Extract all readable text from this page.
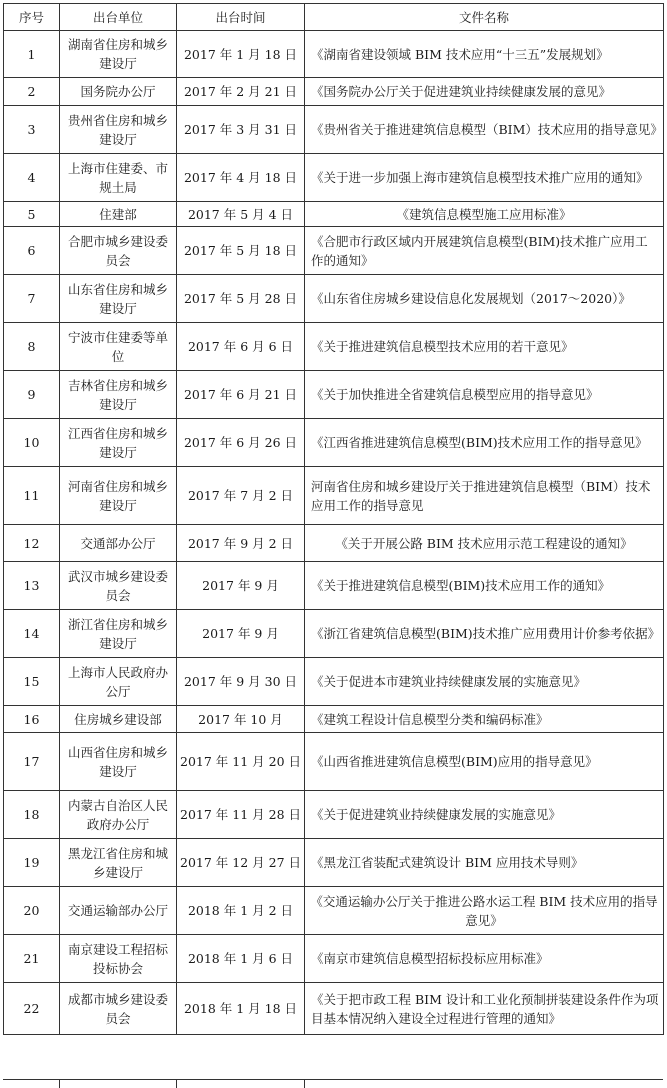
序号	出台单位	出台时间	文件名称
1	湖南省住房和城乡建设厅	2017 年 1 月 18 日	《湖南省建设领域 BIM 技术应用“十三五”发展规划》
2	国务院办公厅	2017 年 2 月 21 日	《国务院办公厅关于促进建筑业持续健康发展的意见》
3	贵州省住房和城乡建设厅	2017 年 3 月 31 日	《贵州省关于推进建筑信息模型（BIM）技术应用的指导意见》
4	上海市住建委、市规土局	2017 年 4 月 18 日	《关于进一步加强上海市建筑信息模型技术推广应用的通知》
5	住建部	2017 年 5 月 4 日	《建筑信息模型施工应用标准》
6	合肥市城乡建设委员会	2017 年 5 月 18 日	《合肥市行政区域内开展建筑信息模型(BIM)技术推广应用工作的通知》
7	山东省住房和城乡建设厅	2017 年 5 月 28 日	《山东省住房城乡建设信息化发展规划（2017～2020）》
8	宁波市住建委等单位	2017 年 6 月 6 日	《关于推进建筑信息模型技术应用的若干意见》
9	吉林省住房和城乡建设厅	2017 年 6 月 21 日	《关于加快推进全省建筑信息模型应用的指导意见》
10	江西省住房和城乡建设厅	2017 年 6 月 26 日	《江西省推进建筑信息模型(BIM)技术应用工作的指导意见》
11	河南省住房和城乡建设厅	2017 年 7 月 2 日	河南省住房和城乡建设厅关于推进建筑信息模型（BIM）技术应用工作的指导意见
12	交通部办公厅	2017 年 9 月 2 日	《关于开展公路 BIM 技术应用示范工程建设的通知》
13	武汉市城乡建设委员会	2017 年 9 月	《关于推进建筑信息模型(BIM)技术应用工作的通知》
14	浙江省住房和城乡建设厅	2017 年 9 月	《浙江省建筑信息模型(BIM)技术推广应用费用计价参考依据》
15	上海市人民政府办公厅	2017 年 9 月 30 日	《关于促进本市建筑业持续健康发展的实施意见》
16	住房城乡建设部	2017 年 10 月	《建筑工程设计信息模型分类和编码标准》
17	山西省住房和城乡建设厅	2017 年 11 月 20 日	《山西省推进建筑信息模型(BIM)应用的指导意见》
18	内蒙古自治区人民政府办公厅	2017 年 11 月 28 日	《关于促进建筑业持续健康发展的实施意见》
19	黑龙江省住房和城乡建设厅	2017 年 12 月 27 日	《黑龙江省装配式建筑设计 BIM 应用技术导则》
20	交通运输部办公厅	2018 年 1 月 2 日	《交通运输办公厅关于推进公路水运工程 BIM 技术应用的指导意见》
21	南京建设工程招标投标协会	2018 年 1 月 6 日	《南京市建筑信息模型招标投标应用标准》
22	成都市城乡建设委员会	2018 年 1 月 18 日	《关于把市政工程 BIM 设计和工业化预制拼装建设条件作为项目基本情况纳入建设全过程进行管理的通知》
